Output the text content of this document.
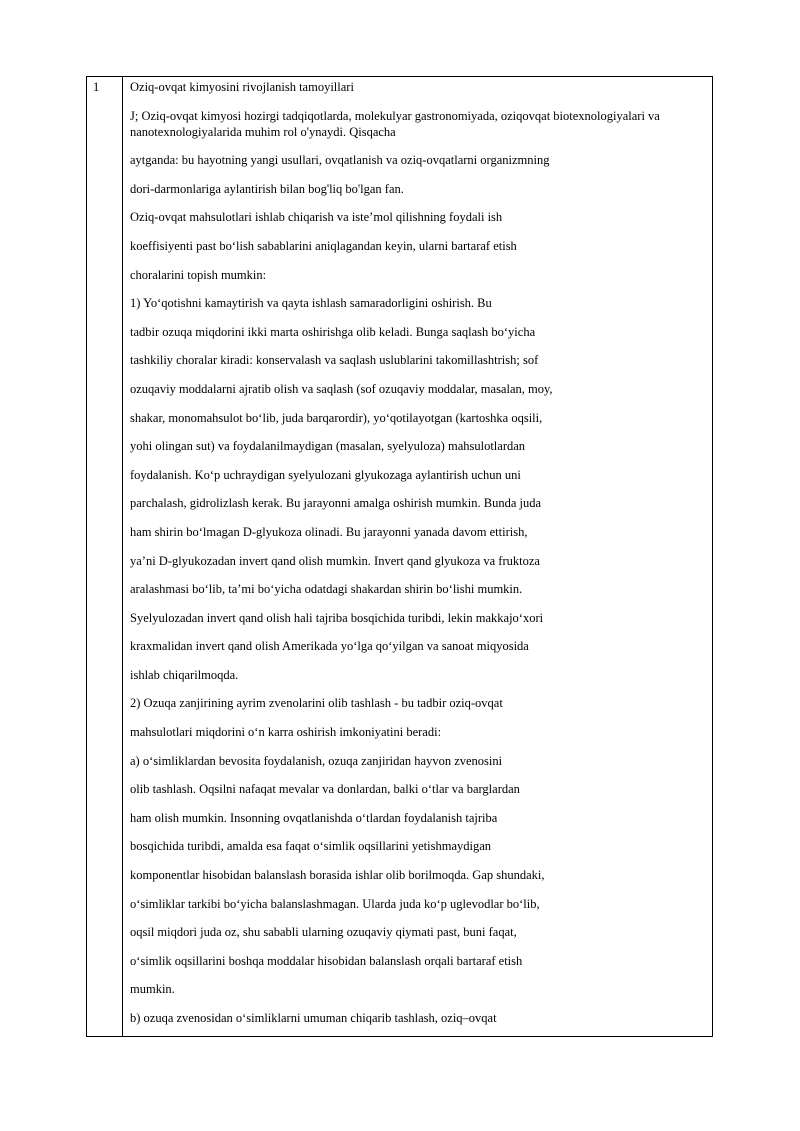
1 Oziq-ovqat kimyosini rivojlanish tamoyillari
J; Oziq-ovqat kimyosi hozirgi tadqiqotlarda, molekulyar gastronomiyada, oziqovqat biotexnologiyalari va nanotexnologiyalarida muhim rol o'ynaydi. Qisqacha
aytganda: bu hayotning yangi usullari, ovqatlanish va oziq-ovqatlarni organizmning
dori-darmonlariga aylantirish bilan bog'liq bo'lgan fan.
Oziq-ovqat mahsulotlari ishlab chiqarish va iste’mol qilishning foydali ish
koeffisiyenti past bo‘lish sabablarini aniqlagandan keyin, ularni bartaraf etish
choralarini topish mumkin:
1) Yo‘qotishni kamaytirish va qayta ishlash samaradorligini oshirish. Bu
tadbir ozuqa miqdorini ikki marta oshirishga olib keladi. Bunga saqlash bo‘yicha
tashkiliy choralar kiradi: konservalash va saqlash uslublarini takomillashtrish; sof
ozuqaviy moddalarni ajratib olish va saqlash (sof ozuqaviy moddalar, masalan, moy,
shakar, monomahsulot bo‘lib, juda barqarordir), yo‘qotilayotgan (kartoshka oqsili,
yohi olingan sut) va foydalanilmaydigan (masalan, syelyuloza) mahsulotlardan
foydalanish. Ko‘p uchraydigan syelyulozani glyukozaga aylantirish uchun uni
parchalash, gidrolizlash kerak. Bu jarayonni amalga oshirish mumkin. Bunda juda
ham shirin bo‘lmagan D-glyukoza olinadi. Bu jarayonni yanada davom ettirish,
ya’ni D-glyukozadan invert qand olish mumkin. Invert qand glyukoza va fruktoza
aralashmasi bo‘lib, ta’mi bo‘yicha odatdagi shakardan shirin bo‘lishi mumkin.
Syelyulozadan invert qand olish hali tajriba bosqichida turibdi, lekin makkajo‘xori
kraxmalidan invert qand olish Amerikada yo‘lga qo‘yilgan va sanoat miqyosida
ishlab chiqarilmoqda.
2) Ozuqa zanjirining ayrim zvenolarini olib tashlash - bu tadbir oziq-ovqat
mahsulotlari miqdorini o‘n karra oshirish imkoniyatini beradi:
a) o‘simliklardan bevosita foydalanish, ozuqa zanjiridan hayvon zvenosini
olib tashlash. Oqsilni nafaqat mevalar va donlardan, balki o‘tlar va barglardan
ham olish mumkin. Insonning ovqatlanishda o‘tlardan foydalanish tajriba
bosqichida turibdi, amalda esa faqat o‘simlik oqsillarini yetishmaydigan
komponentlar hisobidan balanslash borasida ishlar olib borilmoqda. Gap shundaki,
o‘simliklar tarkibi bo‘yicha balanslashmagan. Ularda juda ko‘p uglevodlar bo‘lib,
oqsil miqdori juda oz, shu sababli ularning ozuqaviy qiymati past, buni faqat,
o‘simlik oqsillarini boshqa moddalar hisobidan balanslash orqali bartaraf etish
mumkin.
b) ozuqa zvenosidan o‘simliklarni umuman chiqarib tashlash, oziq–ovqat
